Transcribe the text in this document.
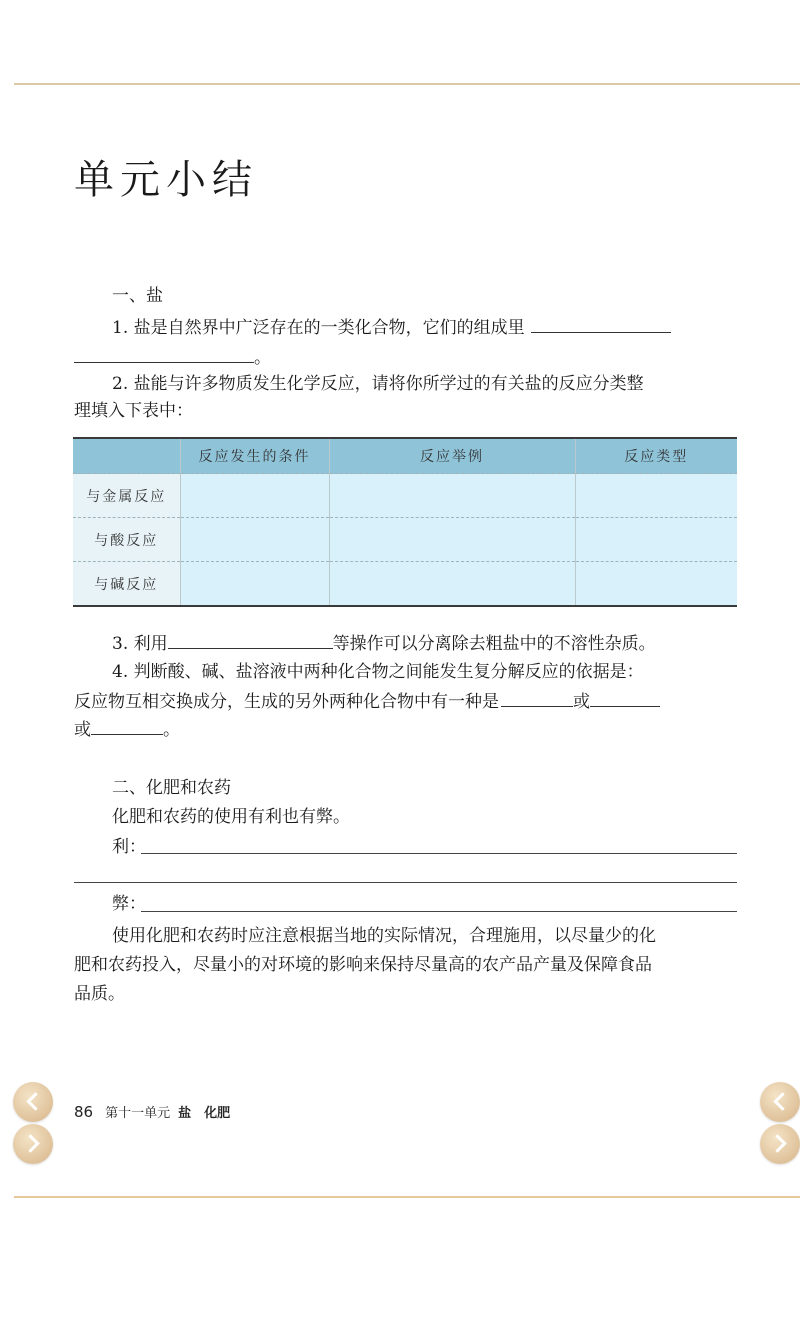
单元小结
一、盐
1. 盐是自然界中广泛存在的一类化合物，它们的组成里
。
2. 盐能与许多物质发生化学反应，请将你所学过的有关盐的反应分类整
理填入下表中：
	反应发生的条件	反应举例	反应类型
与金属反应			
与酸反应			
与碱反应			
3. 利用	等操作可以分离除去粗盐中的不溶性杂质。
4. 判断酸、碱、盐溶液中两种化合物之间能发生复分解反应的依据是：
反应物互相交换成分，生成的另外两种化合物中有一种是	或
或	。
二、化肥和农药
化肥和农药的使用有利也有弊。
利：
弊：
使用化肥和农药时应注意根据当地的实际情况，合理施用，以尽量少的化
肥和农药投入，尽量小的对环境的影响来保持尽量高的农产品产量及保障食品
品质。
86 第十一单元 盐　化肥
